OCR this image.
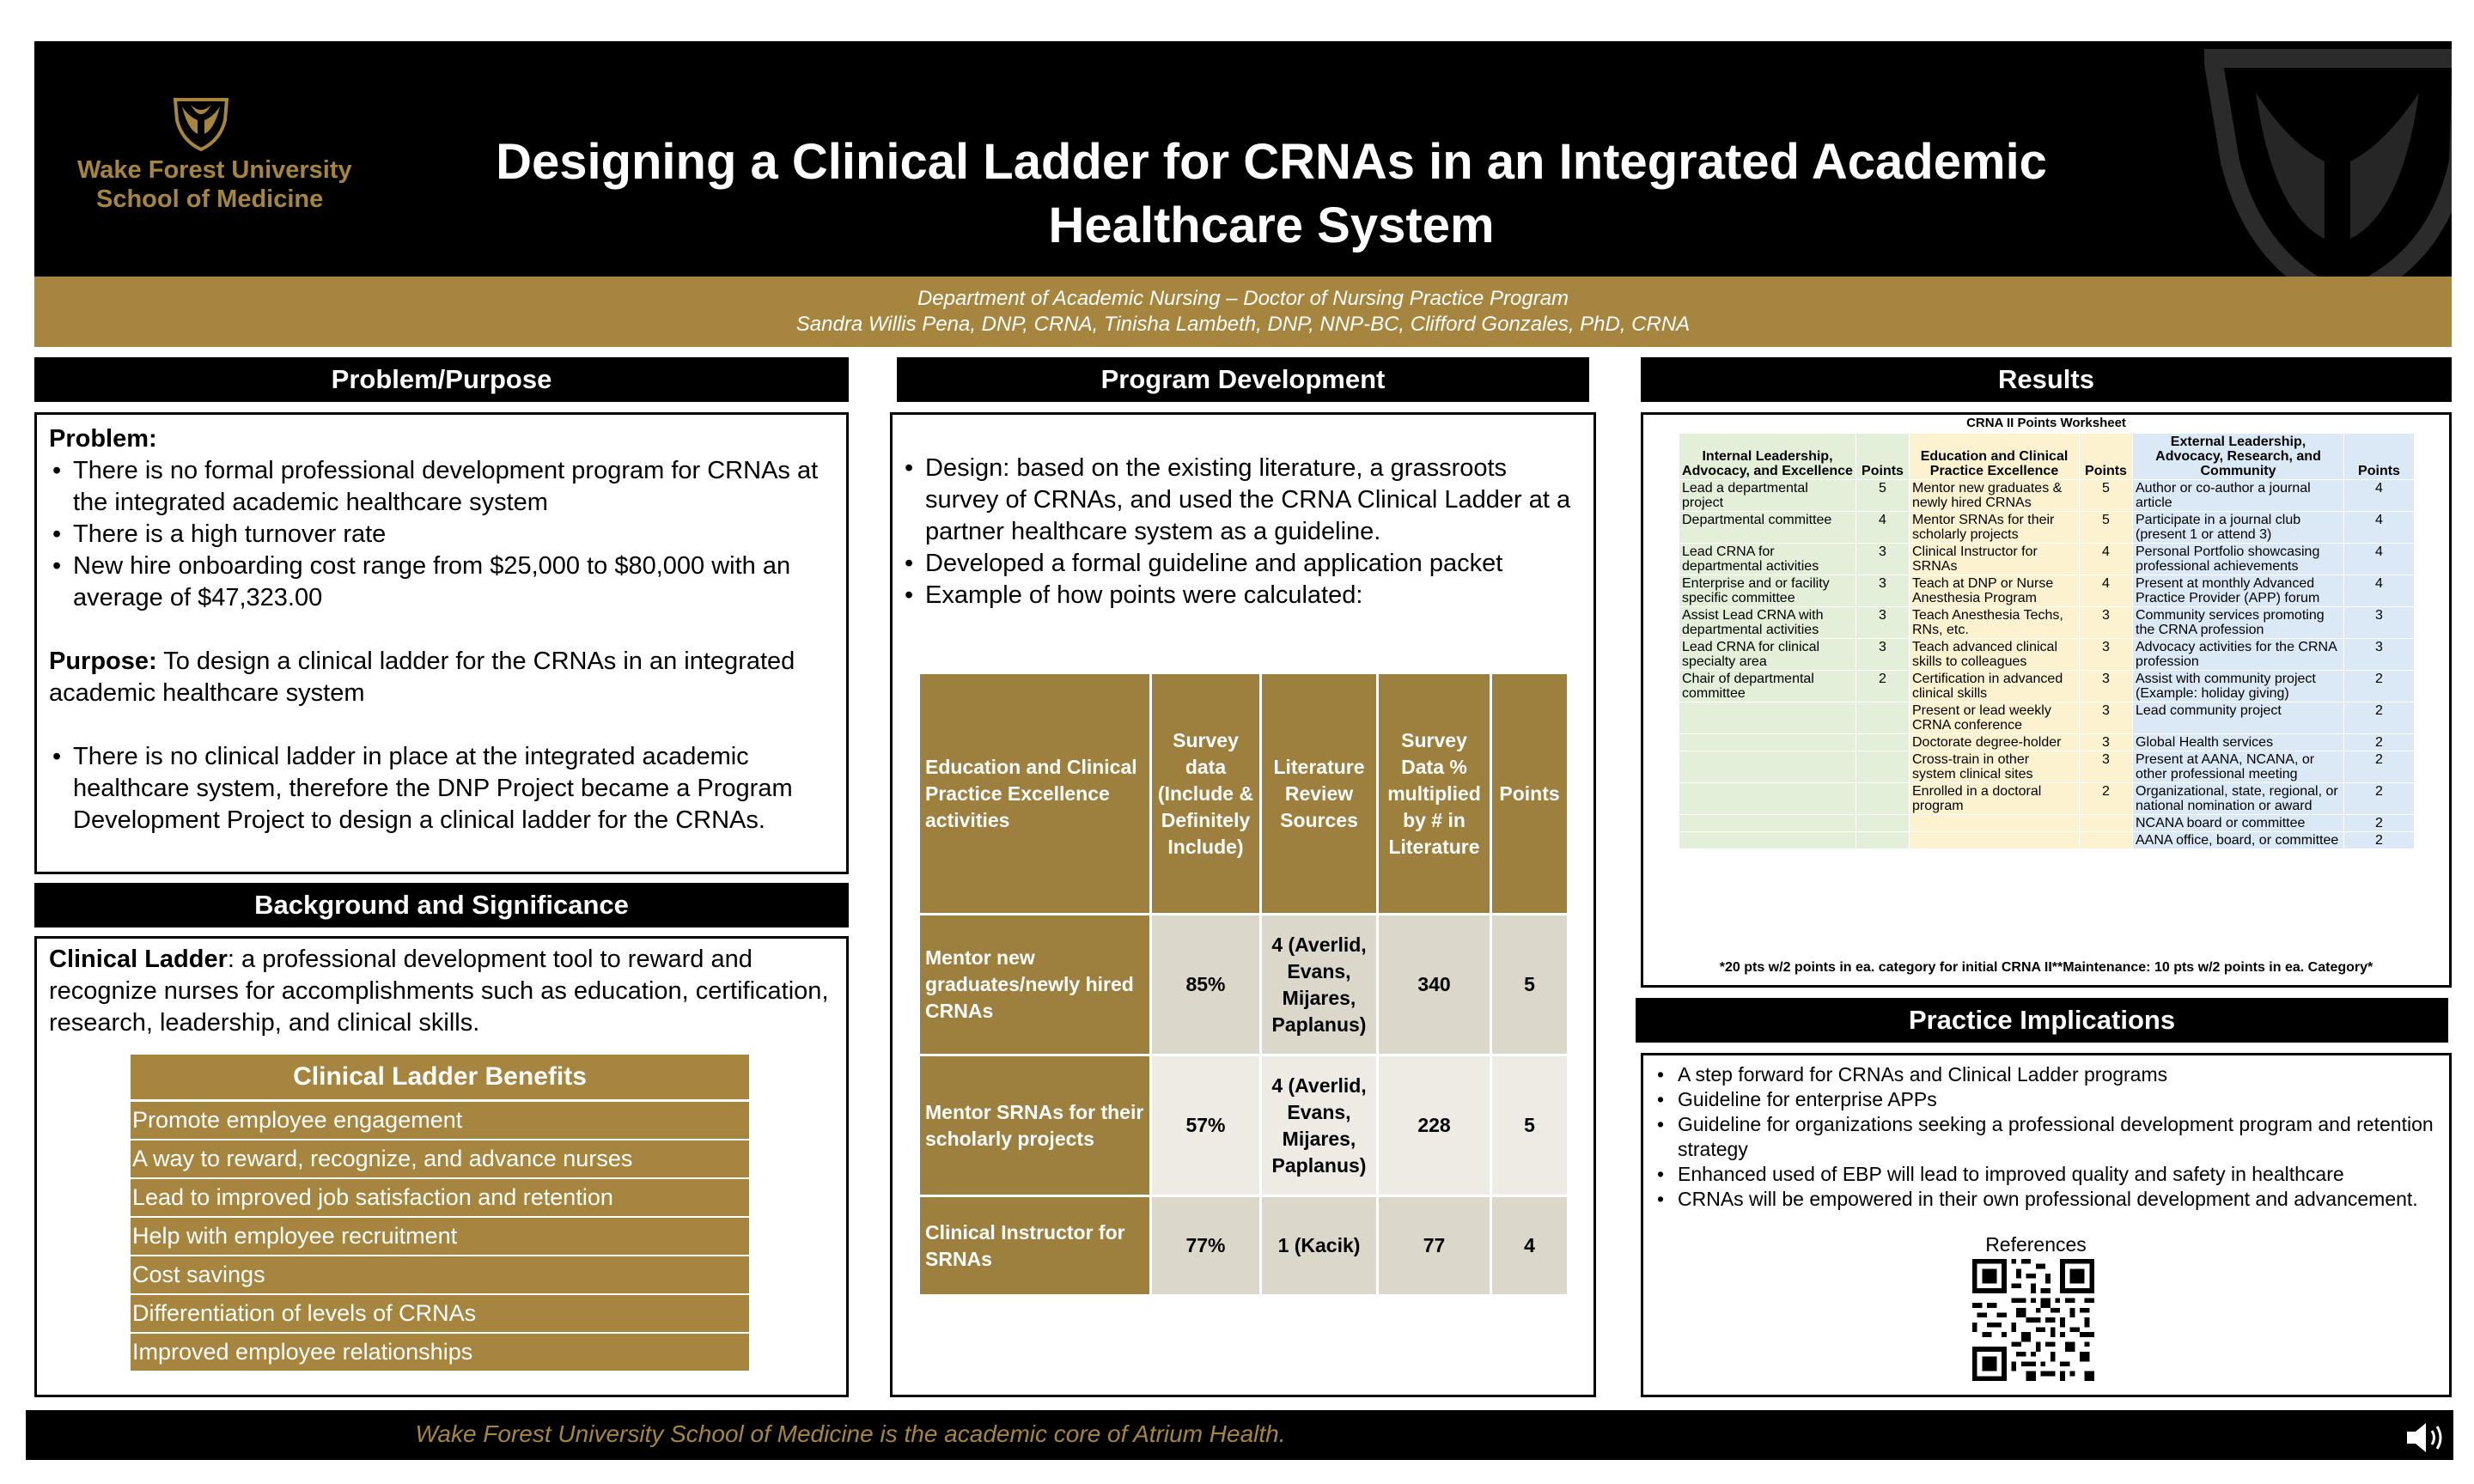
Wake Forest University
School of Medicine
Designing a Clinical Ladder for CRNAs in an Integrated Academic Healthcare System
Department of Academic Nursing – Doctor of Nursing Practice Program
Sandra Willis Pena, DNP, CRNA, Tinisha Lambeth, DNP, NNP-BC, Clifford Gonzales, PhD, CRNA
Problem/Purpose
Problem:
• There is no formal professional development program for CRNAs at the integrated academic healthcare system
• There is a high turnover rate
• New hire onboarding cost range from $25,000 to $80,000 with an average of $47,323.00
Purpose: To design a clinical ladder for the CRNAs in an integrated academic healthcare system
• There is no clinical ladder in place at the integrated academic healthcare system, therefore the DNP Project became a Program Development Project to design a clinical ladder for the CRNAs.
Background and Significance
Clinical Ladder: a professional development tool to reward and recognize nurses for accomplishments such as education, certification, research, leadership, and clinical skills.
Clinical Ladder Benefits
Promote employee engagement
A way to reward, recognize, and advance nurses
Lead to improved job satisfaction and retention
Help with employee recruitment
Cost savings
Differentiation of levels of CRNAs
Improved employee relationships
Program Development
• Design: based on the existing literature, a grassroots survey of CRNAs, and used the CRNA Clinical Ladder at a partner healthcare system as a guideline.
• Developed a formal guideline and application packet
• Example of how points were calculated:
Education and Clinical Practice Excellence activities	Survey data (Include & Definitely Include)	Literature Review Sources	Survey Data % multiplied by # in Literature	Points
Mentor new graduates/newly hired CRNAs	85%	4 (Averlid, Evans, Mijares, Paplanus)	340	5
Mentor SRNAs for their scholarly projects	57%	4 (Averlid, Evans, Mijares, Paplanus)	228	5
Clinical Instructor for SRNAs	77%	1 (Kacik)	77	4
Results
CRNA II Points Worksheet
Internal Leadership, Advocacy, and Excellence	Points	Education and Clinical Practice Excellence	Points	External Leadership, Advocacy, Research, and Community	Points
Lead a departmental project	5	Mentor new graduates & newly hired CRNAs	5	Author or co-author a journal article	4
Departmental committee	4	Mentor SRNAs for their scholarly projects	5	Participate in a journal club (present 1 or attend 3)	4
Lead CRNA for departmental activities	3	Clinical Instructor for SRNAs	4	Personal Portfolio showcasing professional achievements	4
Enterprise and or facility specific committee	3	Teach at DNP or Nurse Anesthesia Program	4	Present at monthly Advanced Practice Provider (APP) forum	4
Assist Lead CRNA with departmental activities	3	Teach Anesthesia Techs, RNs, etc.	3	Community services promoting the CRNA profession	3
Lead CRNA for clinical specialty area	3	Teach advanced clinical skills to colleagues	3	Advocacy activities for the CRNA profession	3
Chair of departmental committee	2	Certification in advanced clinical skills	3	Assist with community project (Example: holiday giving)	2
		Present or lead weekly CRNA conference	3	Lead community project	2
		Doctorate degree-holder	3	Global Health services	2
		Cross-train in other system clinical sites	3	Present at AANA, NCANA, or other professional meeting	2
		Enrolled in a doctoral program	2	Organizational, state, regional, or national nomination or award	2
				NCANA board or committee	2
				AANA office, board, or committee	2
*20 pts w/2 points in ea. category for initial CRNA II**Maintenance: 10 pts w/2 points in ea. Category*
Practice Implications
• A step forward for CRNAs and Clinical Ladder programs
• Guideline for enterprise APPs
• Guideline for organizations seeking a professional development program and retention strategy
• Enhanced used of EBP will lead to improved quality and safety in healthcare
• CRNAs will be empowered in their own professional development and advancement.
References
Wake Forest University School of Medicine is the academic core of Atrium Health.
